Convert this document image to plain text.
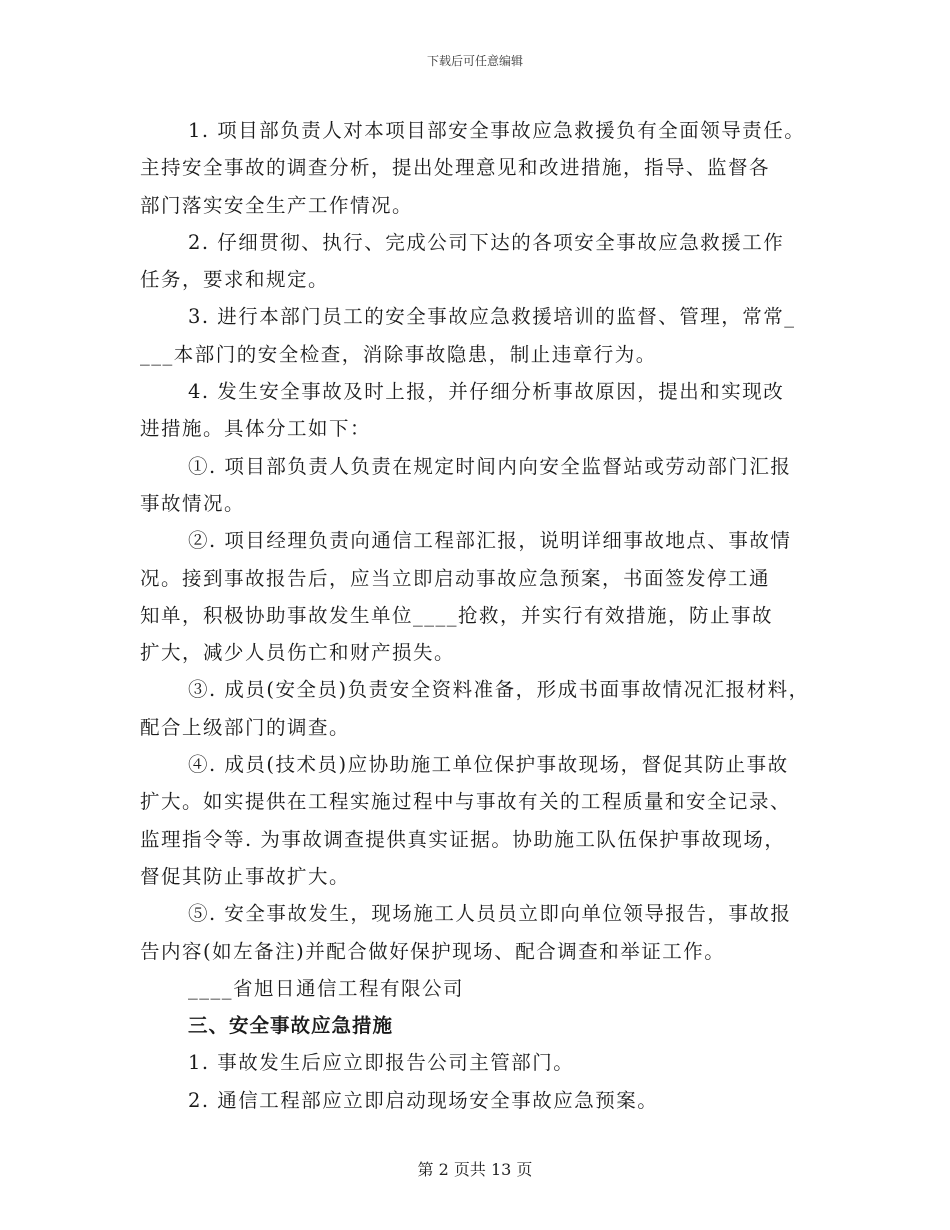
下载后可任意编辑
1. 项目部负责人对本项目部安全事故应急救援负有全面领导责任。
主持安全事故的调查分析，提出处理意见和改进措施，指导、监督各
部门落实安全生产工作情况。
2. 仔细贯彻、执行、完成公司下达的各项安全事故应急救援工作
任务，要求和规定。
3. 进行本部门员工的安全事故应急救援培训的监督、管理，常常_
___本部门的安全检查，消除事故隐患，制止违章行为。
4. 发生安全事故及时上报，并仔细分析事故原因，提出和实现改
进措施。具体分工如下：
①. 项目部负责人负责在规定时间内向安全监督站或劳动部门汇报
事故情况。
②. 项目经理负责向通信工程部汇报，说明详细事故地点、事故情
况。接到事故报告后，应当立即启动事故应急预案，书面签发停工通
知单，积极协助事故发生单位____抢救，并实行有效措施，防止事故
扩大，减少人员伤亡和财产损失。
③. 成员(安全员)负责安全资料准备，形成书面事故情况汇报材料，
配合上级部门的调查。
④. 成员(技术员)应协助施工单位保护事故现场，督促其防止事故
扩大。如实提供在工程实施过程中与事故有关的工程质量和安全记录、
监理指令等. 为事故调查提供真实证据。协助施工队伍保护事故现场，
督促其防止事故扩大。
⑤. 安全事故发生，现场施工人员员立即向单位领导报告，事故报
告内容(如左备注)并配合做好保护现场、配合调查和举证工作。
____省旭日通信工程有限公司
三、安全事故应急措施
1. 事故发生后应立即报告公司主管部门。
2. 通信工程部应立即启动现场安全事故应急预案。
第 2 页共 13 页
